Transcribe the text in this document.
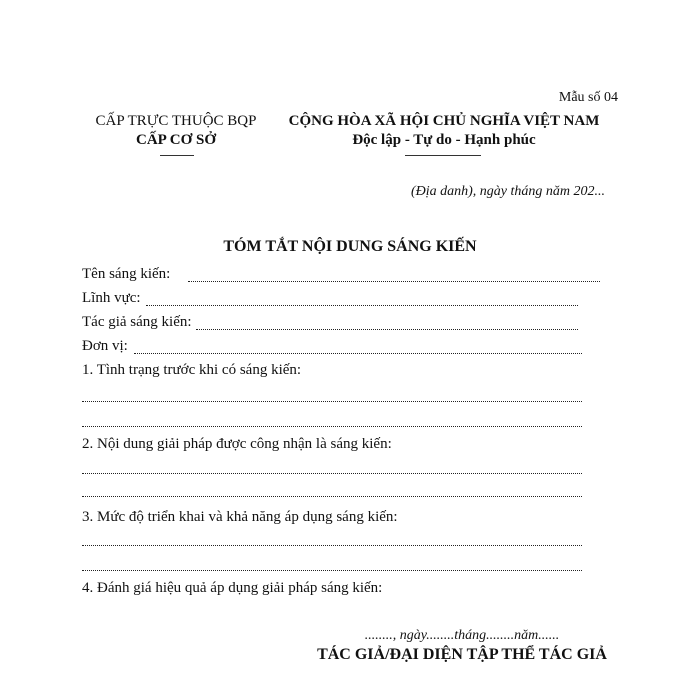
Mẫu số 04
CẤP TRỰC THUỘC BQP
CẤP CƠ SỞ
CỘNG HÒA XÃ HỘI CHỦ NGHĨA VIỆT NAM
Độc lập - Tự do - Hạnh phúc
(Địa danh), ngày tháng năm 202...
TÓM TẮT NỘI DUNG SÁNG KIẾN
Tên sáng kiến:
Lĩnh vực:
Tác giả sáng kiến:
Đơn vị:
1. Tình trạng trước khi có sáng kiến:
2. Nội dung giải pháp được công nhận là sáng kiến:
3. Mức độ triển khai và khả năng áp dụng sáng kiến:
4. Đánh giá hiệu quả áp dụng giải pháp sáng kiến:
........, ngày........tháng........năm......
TÁC GIẢ/ĐẠI DIỆN TẬP THỂ TÁC GIẢ
